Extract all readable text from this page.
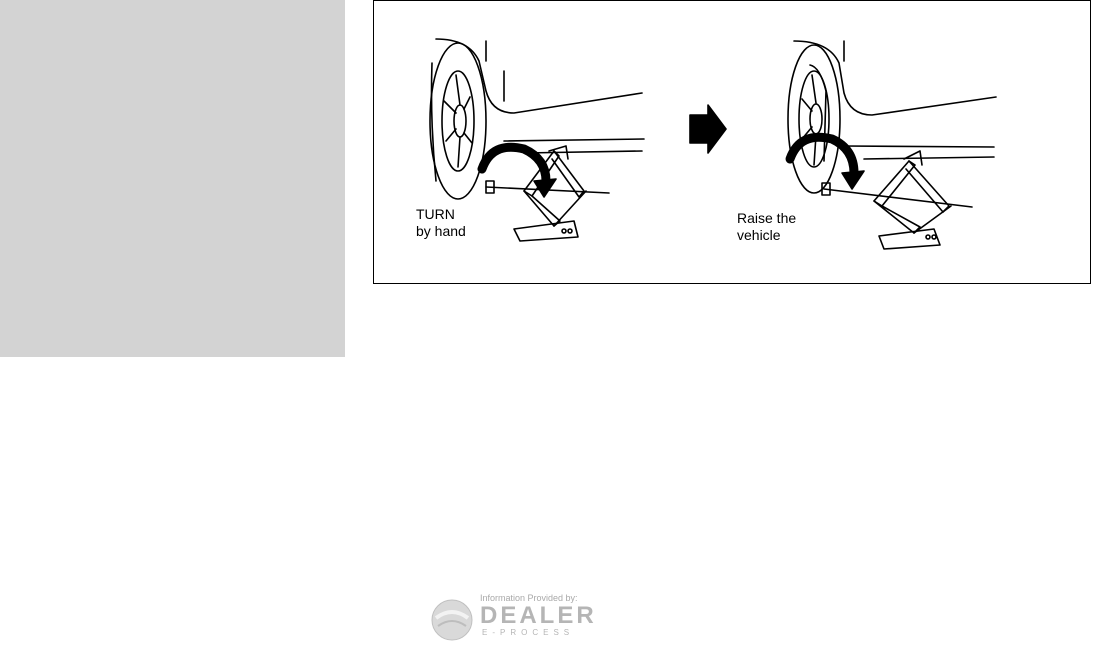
TURN
by hand
Raise the
vehicle
Information Provided by:
DEALER
E-PROCESS
